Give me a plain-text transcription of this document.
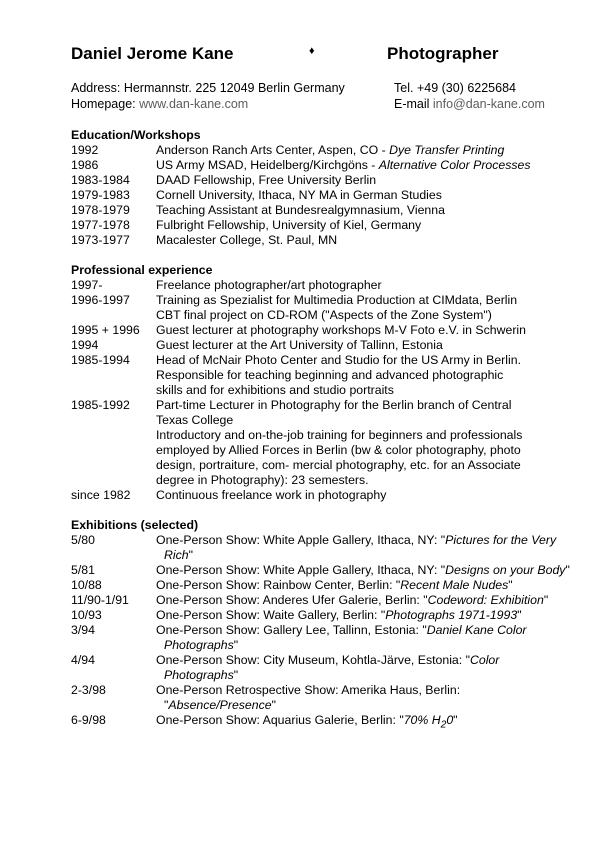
Daniel Jerome Kane	♦	Photographer
Address: Hermannstr. 225 12049 Berlin Germany	Tel. +49 (30) 6225684
Homepage: www.dan-kane.com	E-mail info@dan-kane.com
Education/Workshops
1992	Anderson Ranch Arts Center, Aspen, CO - Dye Transfer Printing
1986	US Army MSAD, Heidelberg/Kirchgöns - Alternative Color Processes
1983-1984 DAAD Fellowship, Free University Berlin
1979-1983 Cornell University, Ithaca, NY MA in German Studies
1978-1979 Teaching Assistant at Bundesrealgymnasium, Vienna
1977-1978 Fulbright Fellowship, University of Kiel, Germany
1973-1977 Macalester College, St. Paul, MN
Professional experience
1997-	Freelance photographer/art photographer
1996-1997 Training as Spezialist for Multimedia Production at CIMdata, Berlin
CBT final project on CD-ROM ("Aspects of the Zone System")
1995 + 1996 Guest lecturer at photography workshops M-V Foto e.V. in Schwerin
1994	Guest lecturer at the Art University of Tallinn, Estonia
1985-1994 Head of McNair Photo Center and Studio for the US Army in Berlin.
Responsible for teaching beginning and advanced photographic
skills and for exhibitions and studio portraits
1985-1992 Part-time Lecturer in Photography for the Berlin branch of Central
Texas College
Introductory and on-the-job training for beginners and professionals
employed by Allied Forces in Berlin (bw & color photography, photo
design, portraiture, com- mercial photography, etc. for an Associate
degree in Photography): 23 semesters.
since 1982 Continuous freelance work in photography
Exhibitions (selected)
5/80	One-Person Show: White Apple Gallery, Ithaca, NY: "Pictures for the Very Rich"
5/81	One-Person Show: White Apple Gallery, Ithaca, NY: "Designs on your Body"
10/88	One-Person Show: Rainbow Center, Berlin: "Recent Male Nudes"
11/90-1/91 One-Person Show: Anderes Ufer Galerie, Berlin: "Codeword: Exhibition"
10/93	One-Person Show: Waite Gallery, Berlin: "Photographs 1971-1993"
3/94	One-Person Show: Gallery Lee, Tallinn, Estonia: "Daniel Kane Color Photographs"
4/94	One-Person Show: City Museum, Kohtla-Järve, Estonia: "Color Photographs"
2-3/98	One-Person Retrospective Show: Amerika Haus, Berlin: "Absence/Presence"
6-9/98	One-Person Show: Aquarius Galerie, Berlin: "70% $H_20$"
